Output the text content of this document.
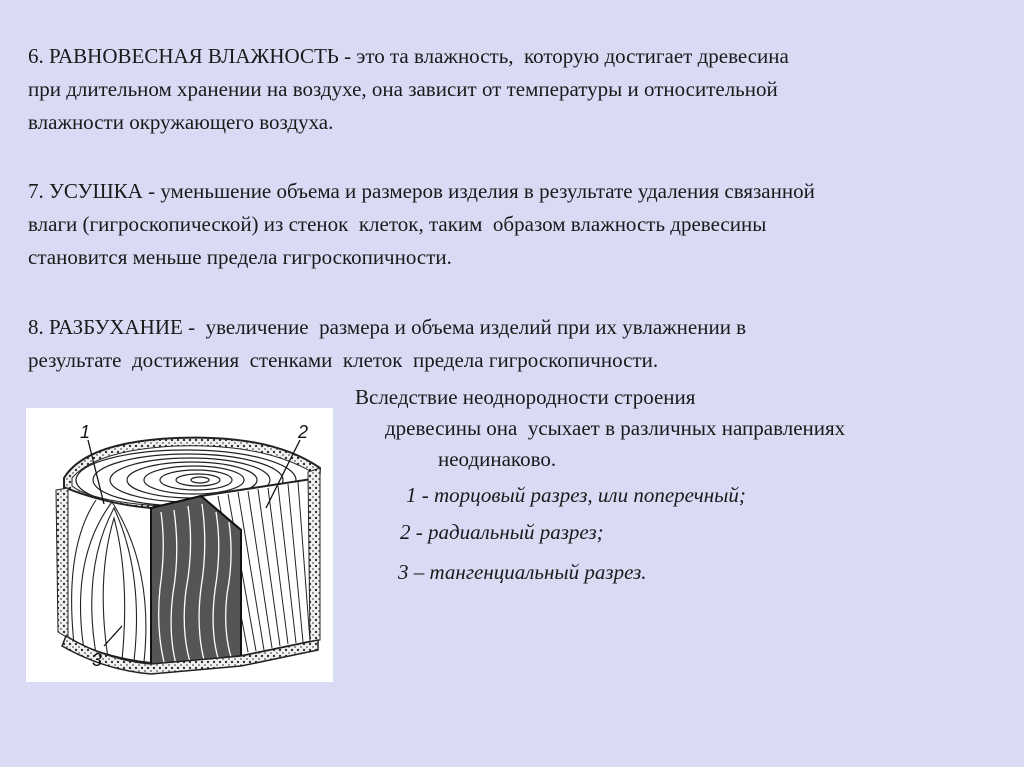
6. РАВНОВЕСНАЯ ВЛАЖНОСТЬ - это та влажность,  которую достигает древесина
при длительном хранении на воздухе, она зависит от температуры и относительной
влажности окружающего воздуха.
7. УСУШКА - уменьшение объема и размеров изделия в результате удаления связанной
влаги (гигроскопической) из стенок  клеток, таким  образом влажность древесины
становится меньше предела гигроскопичности.
8. РАЗБУХАНИЕ -  увеличение  размера и объема изделий при их увлажнении в
результате  достижения  стенками  клеток  предела гигроскопичности.
Вследствие неоднородности строения
древесины она  усыхает в различных направлениях
неодинаково.
1 - торцовый разрез, или поперечный;
2 - радиальный разрез;
3 – тангенциальный разрез.
1	2
3
